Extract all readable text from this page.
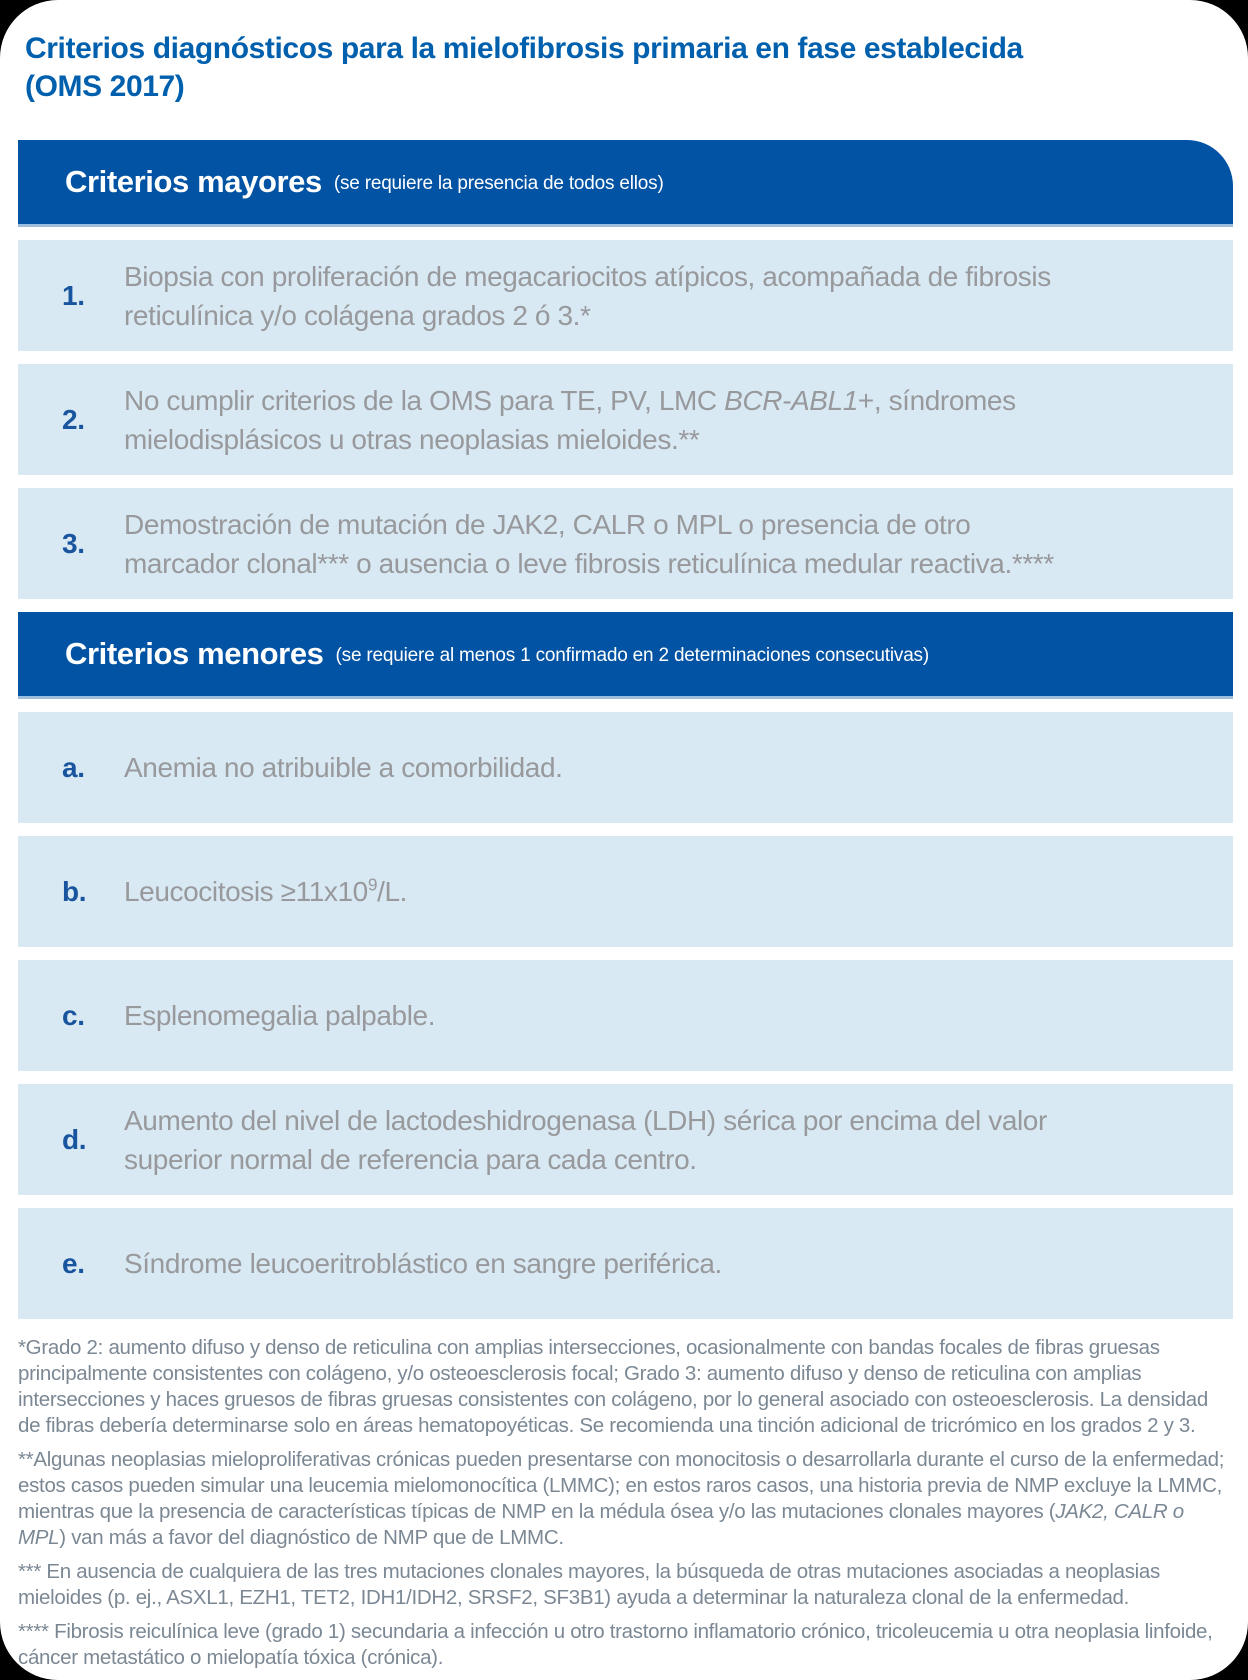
Criterios diagnósticos para la mielofibrosis primaria en fase establecida
(OMS 2017)
Criterios mayores (se requiere la presencia de todos ellos)
1.
Biopsia con proliferación de megacariocitos atípicos, acompañada de fibrosis
reticulínica y/o colágena grados 2 ó 3.*
2.
No cumplir criterios de la OMS para TE, PV, LMC BCR-ABL1+, síndromes
mielodisplásicos u otras neoplasias mieloides.**
3.
Demostración de mutación de JAK2, CALR o MPL o presencia de otro
marcador clonal*** o ausencia o leve fibrosis reticulínica medular reactiva.****
Criterios menores (se requiere al menos 1 confirmado en 2 determinaciones consecutivas)
a.	Anemia no atribuible a comorbilidad.
b.	Leucocitosis $\ge 11x10^9/L$.
c.	Esplenomegalia palpable.
d.
Aumento del nivel de lactodeshidrogenasa (LDH) sérica por encima del valor
superior normal de referencia para cada centro.
e.	Síndrome leucoeritroblástico en sangre periférica.

*Grado 2: aumento difuso y denso de reticulina con amplias intersecciones, ocasionalmente con bandas focales de fibras gruesas principalmente consistentes con colágeno, y/o osteoesclerosis focal; Grado 3: aumento difuso y denso de reticulina con amplias intersecciones y haces gruesos de fibras gruesas consistentes con colágeno, por lo general asociado con osteoesclerosis. La densidad de fibras debería determinarse solo en áreas hematopoyéticas. Se recomienda una tinción adicional de tricrómico en los grados 2 y 3.

**Algunas neoplasias mieloproliferativas crónicas pueden presentarse con monocitosis o desarrollarla durante el curso de la enfermedad; estos casos pueden simular una leucemia mielomonocítica (LMMC); en estos raros casos, una historia previa de NMP excluye la LMMC, mientras que la presencia de características típicas de NMP en la médula ósea y/o las mutaciones clonales mayores (JAK2, CALR o MPL) van más a favor del diagnóstico de NMP que de LMMC.

*** En ausencia de cualquiera de las tres mutaciones clonales mayores, la búsqueda de otras mutaciones asociadas a neoplasias mieloides (p. ej., ASXL1, EZH1, TET2, IDH1/IDH2, SRSF2, SF3B1) ayuda a determinar la naturaleza clonal de la enfermedad.

**** Fibrosis reiculínica leve (grado 1) secundaria a infección u otro trastorno inflamatorio crónico, tricoleucemia u otra neoplasia linfoide, cáncer metastático o mielopatía tóxica (crónica).
